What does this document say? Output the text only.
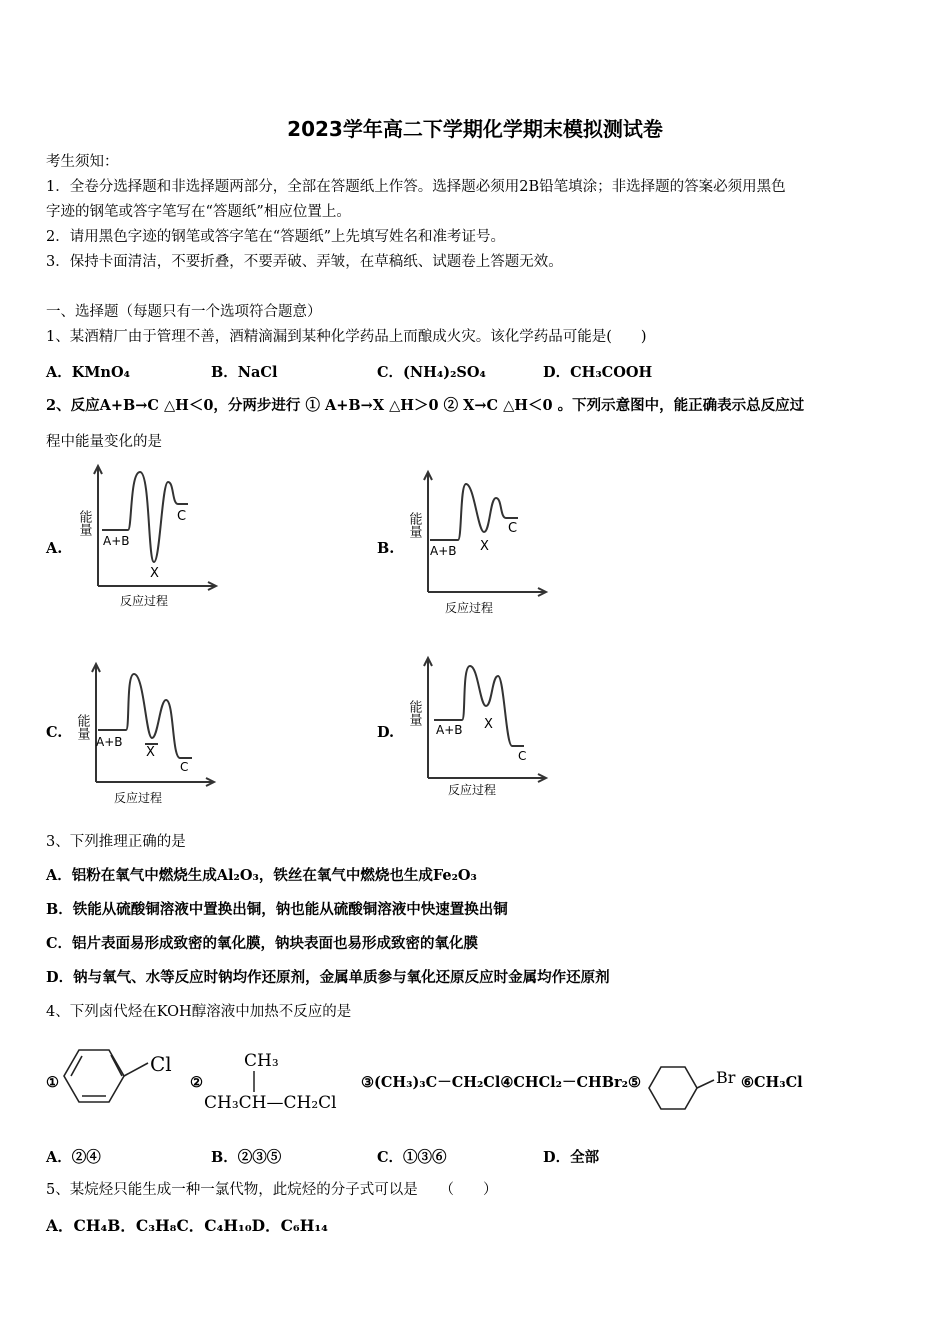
2023学年高二下学期化学期末模拟测试卷
考生须知：
1．全卷分选择题和非选择题两部分，全部在答题纸上作答。选择题必须用2B铅笔填涂；非选择题的答案必须用黑色
字迹的钢笔或答字笔写在“答题纸”相应位置上。
2．请用黑色字迹的钢笔或答字笔在“答题纸”上先填写姓名和准考证号。
3．保持卡面清洁，不要折叠，不要弄破、弄皱，在草稿纸、试题卷上答题无效。
一、选择题（每题只有一个选项符合题意）
1、某酒精厂由于管理不善，酒精滴漏到某种化学药品上而酿成火灾。该化学药品可能是(　　)
A．KMnO₄	B．NaCl	C．(NH₄)₂SO₄	D．CH₃COOH
2、反应A+B→C △H＜0，分两步进行 ① A+B→X △H＞0 ② X→C △H＜0 。下列示意图中，能正确表示总反应过
程中能量变化的是
A.	B.
C.	D.
能量
A+B
X
C
反应过程
能量
A+B X
C
反应过程
能量
A+B
X
C
反应过程
能量
A+B X
C
反应过程
3、下列推理正确的是
A．铝粉在氧气中燃烧生成Al₂O₃，铁丝在氧气中燃烧也生成Fe₂O₃
B．铁能从硫酸铜溶液中置换出铜，钠也能从硫酸铜溶液中快速置换出铜
C．铝片表面易形成致密的氧化膜，钠块表面也易形成致密的氧化膜
D．钠与氧气、水等反应时钠均作还原剂，金属单质参与氧化还原反应时金属均作还原剂
4、下列卤代烃在KOH醇溶液中加热不反应的是
①
Cl
②
CH₃
CH₃CH—CH₂Cl
③(CH₃)₃C－CH₂Cl④CHCl₂－CHBr₂⑤	Br ⑥CH₃Cl
A．②④	B．②③⑤	C．①③⑥	D．全部
5、某烷烃只能生成一种一氯代物，此烷烃的分子式可以是　　（　　）
A．CH₄B．C₃H₈C．C₄H₁₀D．C₆H₁₄
